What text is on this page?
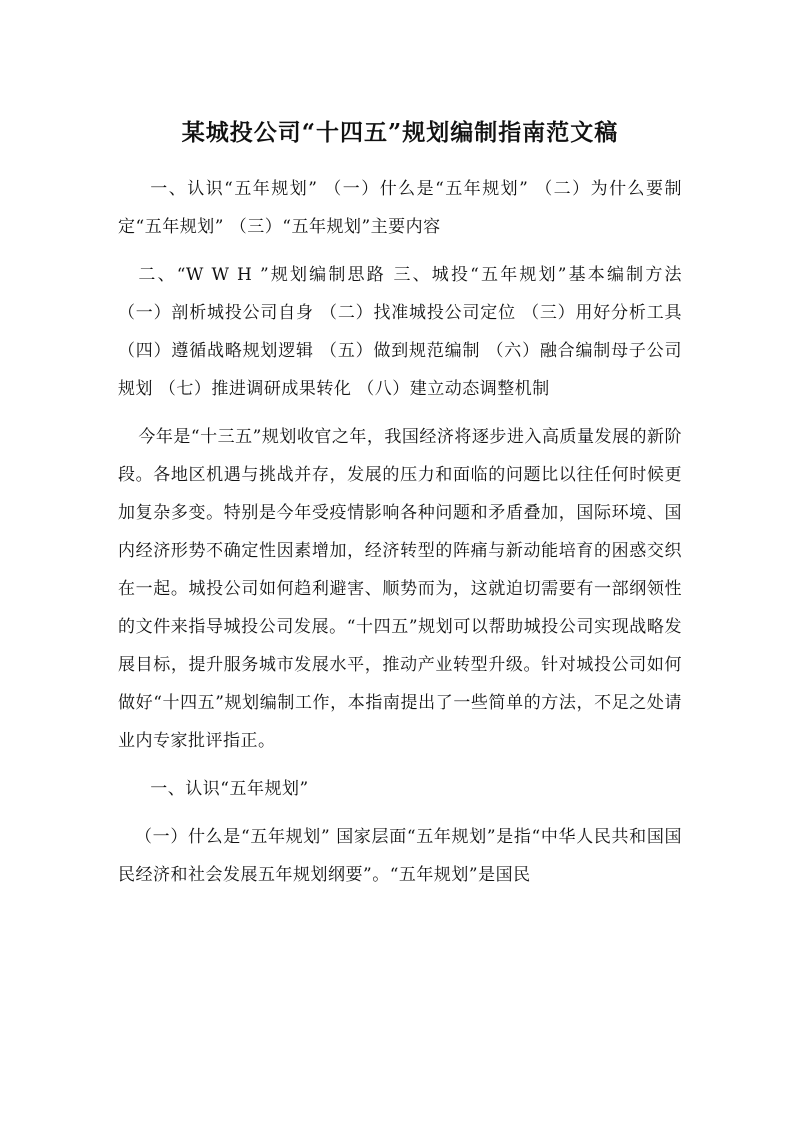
某城投公司“十四五”规划编制指南范文稿

一、认识“五年规划” （一）什么是“五年规划” （二）为什么要制定“五年规划” （三）“五年规划”主要内容

二、“W W H ”规划编制思路 三、城投“五年规划”基本编制方法 （一）剖析城投公司自身 （二）找准城投公司定位 （三）用好分析工具 （四）遵循战略规划逻辑 （五）做到规范编制 （六）融合编制母子公司规划 （七）推进调研成果转化 （八）建立动态调整机制

今年是“十三五”规划收官之年，我国经济将逐步进入高质量发展的新阶段。各地区机遇与挑战并存，发展的压力和面临的问题比以往任何时候更加复杂多变。特别是今年受疫情影响各种问题和矛盾叠加，国际环境、国内经济形势不确定性因素增加，经济转型的阵痛与新动能培育的困惑交织在一起。城投公司如何趋利避害、顺势而为，这就迫切需要有一部纲领性的文件来指导城投公司发展。“十四五”规划可以帮助城投公司实现战略发展目标，提升服务城市发展水平，推动产业转型升级。针对城投公司如何做好“十四五”规划编制工作，本指南提出了一些简单的方法，不足之处请业内专家批评指正。

一、认识“五年规划”

（一）什么是“五年规划” 国家层面“五年规划”是指“中华人民共和国国民经济和社会发展五年规划纲要”。“五年规划”是国民
